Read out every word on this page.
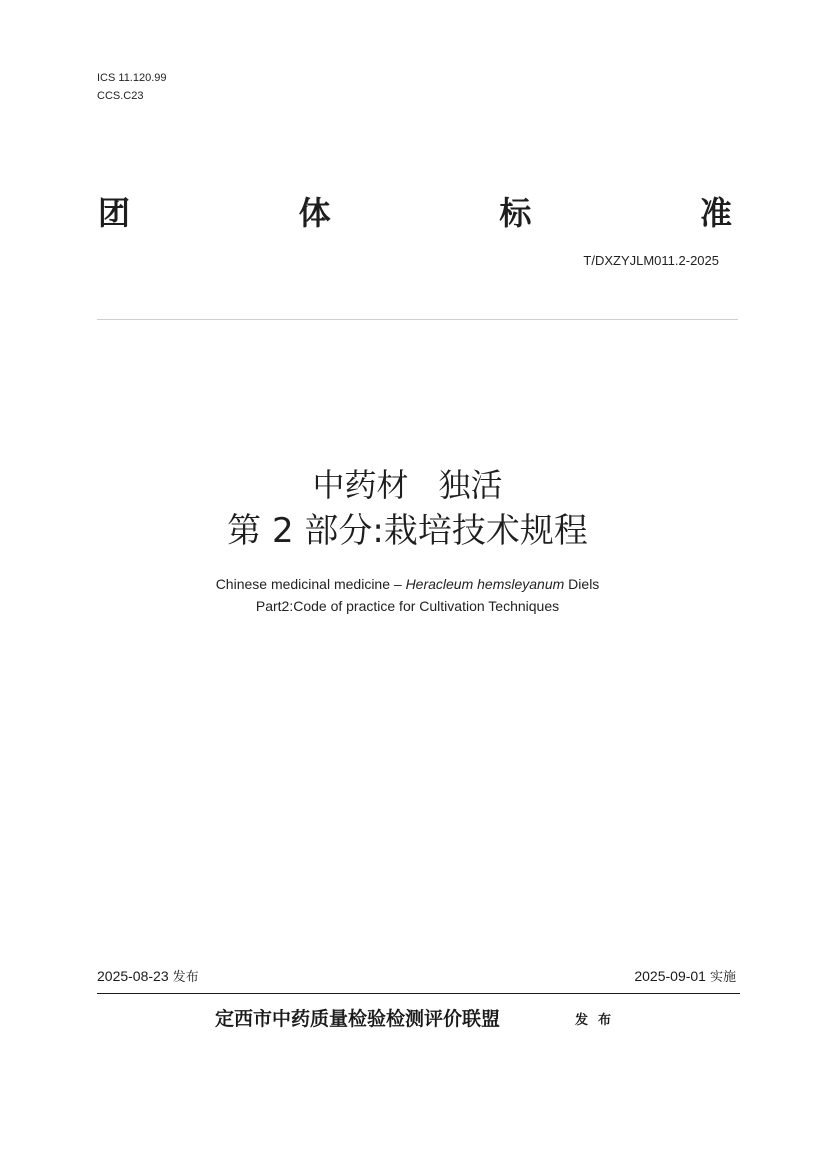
ICS 11.120.99
CCS.C23
团	体	标	准
T/DXZYJLM011.2-2025
中药材 独活
第 2 部分:栽培技术规程
Chinese medicinal medicine – Heracleum hemsleyanum Diels
Part2:Code of practice for Cultivation Techniques
2025-08-23 发布	2025-09-01 实施
定西市中药质量检验检测评价联盟	发布
